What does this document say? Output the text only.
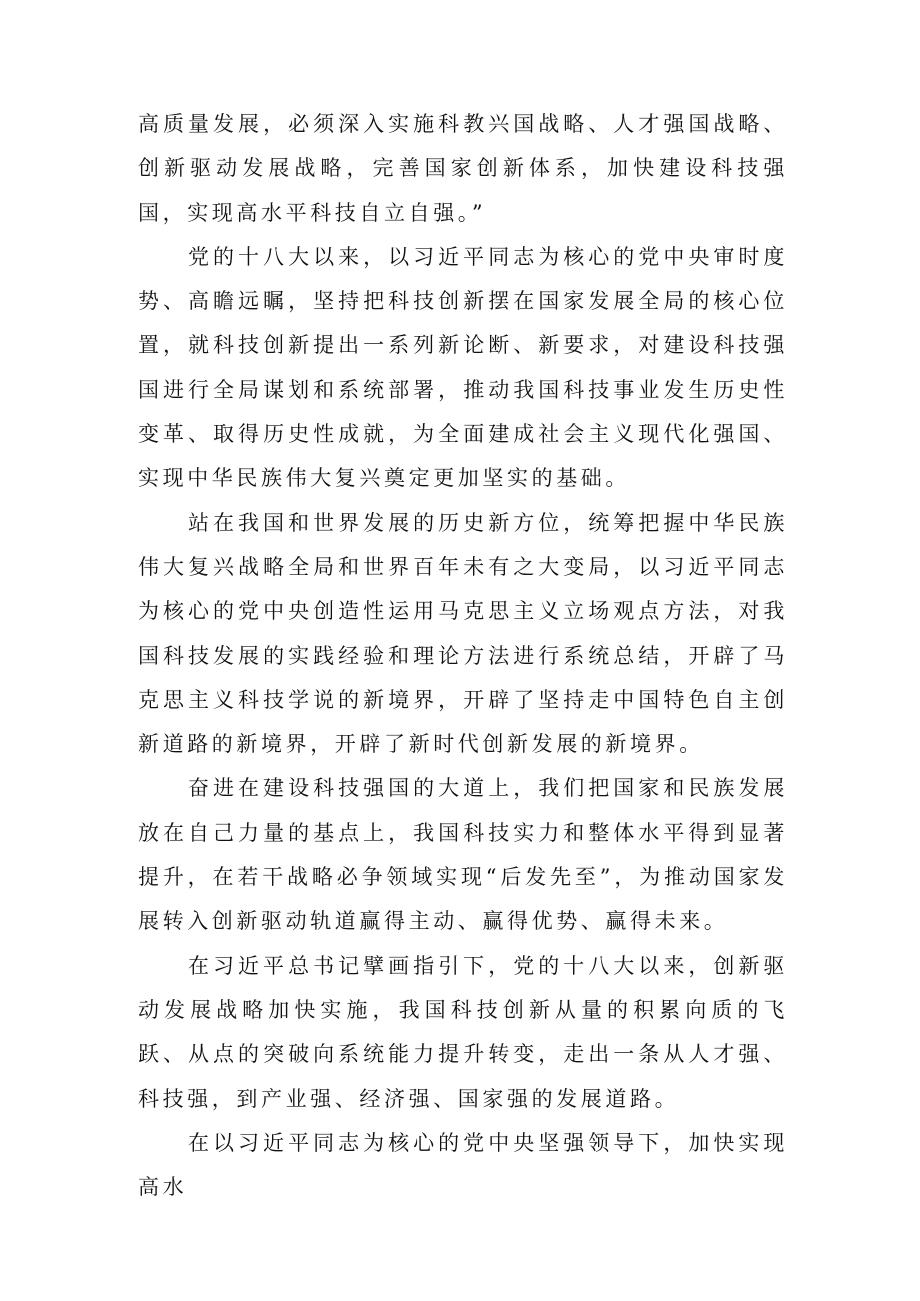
高质量发展，必须深入实施科教兴国战略、人才强国战略、创新驱动发展战略，完善国家创新体系，加快建设科技强国，实现高水平科技自立自强。”

党的十八大以来，以习近平同志为核心的党中央审时度势、高瞻远瞩，坚持把科技创新摆在国家发展全局的核心位置，就科技创新提出一系列新论断、新要求，对建设科技强国进行全局谋划和系统部署，推动我国科技事业发生历史性变革、取得历史性成就，为全面建成社会主义现代化强国、实现中华民族伟大复兴奠定更加坚实的基础。

站在我国和世界发展的历史新方位，统筹把握中华民族伟大复兴战略全局和世界百年未有之大变局，以习近平同志为核心的党中央创造性运用马克思主义立场观点方法，对我国科技发展的实践经验和理论方法进行系统总结，开辟了马克思主义科技学说的新境界，开辟了坚持走中国特色自主创新道路的新境界，开辟了新时代创新发展的新境界。

奋进在建设科技强国的大道上，我们把国家和民族发展放在自己力量的基点上，我国科技实力和整体水平得到显著提升，在若干战略必争领域实现“后发先至”，为推动国家发展转入创新驱动轨道赢得主动、赢得优势、赢得未来。

在习近平总书记擘画指引下，党的十八大以来，创新驱动发展战略加快实施，我国科技创新从量的积累向质的飞跃、从点的突破向系统能力提升转变，走出一条从人才强、科技强，到产业强、经济强、国家强的发展道路。

在以习近平同志为核心的党中央坚强领导下，加快实现高水
